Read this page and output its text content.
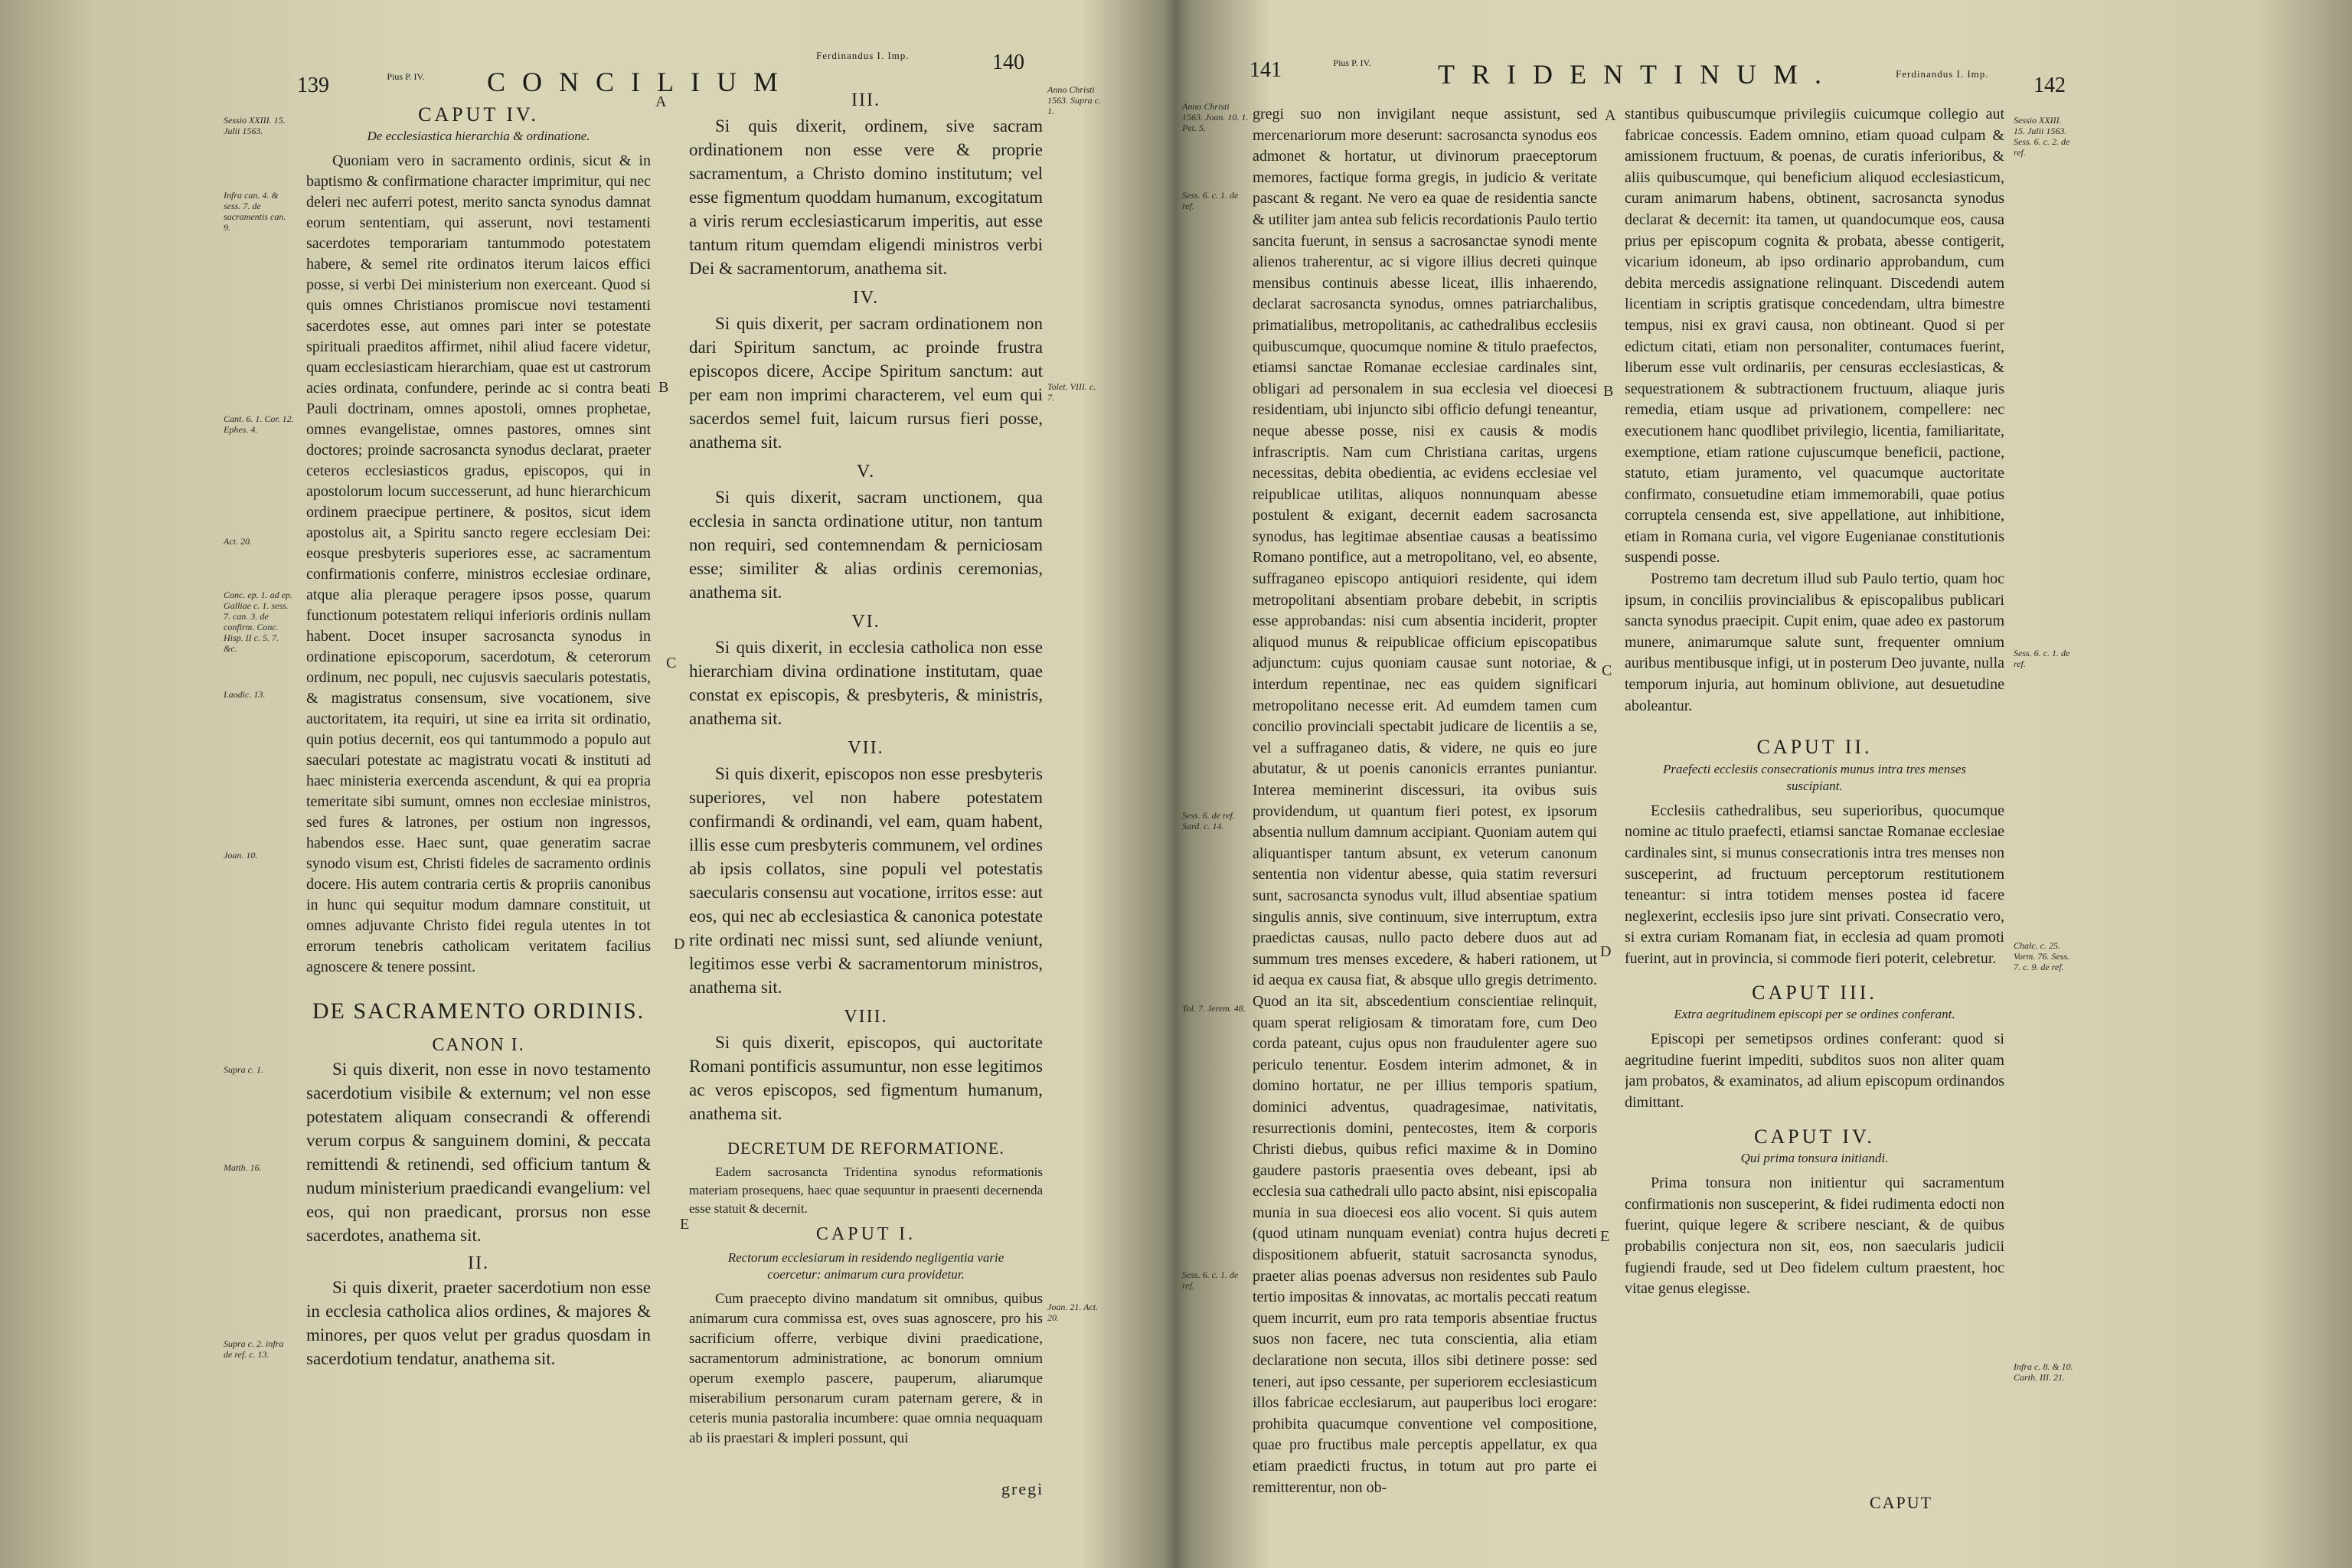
139	Pius P. IV. CONCILIUM
Ferdinandus I. Imp.	140
Sessio XXIII. 15. Julii 1563.
Infra can. 4. & sess. 7. de sacramentis can. 9.
Cant. 6. 1. Cor. 12. Ephes. 4.
Act. 20.
Conc. ep. 1. ad ep. Galliae c. 1. sess. 7. can. 3. de confirm. Conc. Hisp. II c. 5. 7. &c.
Laodic. 13.
Joan. 10.
Supra c. 1.
Matth. 16.
Supra c. 2. infra de ref. c. 13.
Anno Christi 1563. Supra c. 1.
Tolet. VIII. c. 7.
Joan. 21. Act. 20.
A
B
C
D
E
CAPUT IV.
De ecclesiastica hierarchia & ordinatione.

Quoniam vero in sacramento ordinis, sicut & in baptismo & confirmatione character imprimitur, qui nec deleri nec auferri potest, merito sancta synodus damnat eorum sententiam, qui asserunt, novi testamenti sacerdotes temporariam tantummodo potestatem habere, & semel rite ordinatos iterum laicos effici posse, si verbi Dei ministerium non exerceant. Quod si quis omnes Christianos promiscue novi testamenti sacerdotes esse, aut omnes pari inter se potestate spirituali praeditos affirmet, nihil aliud facere videtur, quam ecclesiasticam hierarchiam, quae est ut castrorum acies ordinata, confundere, perinde ac si contra beati Pauli doctrinam, omnes apostoli, omnes prophetae, omnes evangelistae, omnes pastores, omnes sint doctores; proinde sacrosancta synodus declarat, praeter ceteros ecclesiasticos gradus, episcopos, qui in apostolorum locum successerunt, ad hunc hierarchicum ordinem praecipue pertinere, & positos, sicut idem apostolus ait, a Spiritu sancto regere ecclesiam Dei: eosque presbyteris superiores esse, ac sacramentum confirmationis conferre, ministros ecclesiae ordinare, atque alia pleraque peragere ipsos posse, quarum functionum potestatem reliqui inferioris ordinis nullam habent. Docet insuper sacrosancta synodus in ordinatione episcoporum, sacerdotum, & ceterorum ordinum, nec populi, nec cujusvis saecularis potestatis, & magistratus consensum, sive vocationem, sive auctoritatem, ita requiri, ut sine ea irrita sit ordinatio, quin potius decernit, eos qui tantummodo a populo aut saeculari potestate ac magistratu vocati & instituti ad haec ministeria exercenda ascendunt, & qui ea propria temeritate sibi sumunt, omnes non ecclesiae ministros, sed fures & latrones, per ostium non ingressos, habendos esse. Haec sunt, quae generatim sacrae synodo visum est, Christi fideles de sacramento ordinis docere. His autem contraria certis & propriis canonibus in hunc qui sequitur modum damnare constituit, ut omnes adjuvante Christo fidei regula utentes in tot errorum tenebris catholicam veritatem facilius agnoscere & tenere possint.

DE SACRAMENTO ORDINIS.
CANON I.

Si quis dixerit, non esse in novo testamento sacerdotium visibile & externum; vel non esse potestatem aliquam consecrandi & offerendi verum corpus & sanguinem domini, & peccata remittendi & retinendi, sed officium tantum & nudum ministerium praedicandi evangelium: vel eos, qui non praedicant, prorsus non esse sacerdotes, anathema sit.

II.

Si quis dixerit, praeter sacerdotium non esse in ecclesia catholica alios ordines, & majores & minores, per quos velut per gradus quosdam in sacerdotium tendatur, anathema sit.

III.

Si quis dixerit, ordinem, sive sacram ordinationem non esse vere & proprie sacramentum, a Christo domino institutum; vel esse figmentum quoddam humanum, excogitatum a viris rerum ecclesiasticarum imperitis, aut esse tantum ritum quemdam eligendi ministros verbi Dei & sacramentorum, anathema sit.

IV.

Si quis dixerit, per sacram ordinationem non dari Spiritum sanctum, ac proinde frustra episcopos dicere, Accipe Spiritum sanctum: aut per eam non imprimi characterem, vel eum qui sacerdos semel fuit, laicum rursus fieri posse, anathema sit.

V.

Si quis dixerit, sacram unctionem, qua ecclesia in sancta ordinatione utitur, non tantum non requiri, sed contemnendam & perniciosam esse; similiter & alias ordinis ceremonias, anathema sit.

VI.

Si quis dixerit, in ecclesia catholica non esse hierarchiam divina ordinatione institutam, quae constat ex episcopis, & presbyteris, & ministris, anathema sit.

VII.

Si quis dixerit, episcopos non esse presbyteris superiores, vel non habere potestatem confirmandi & ordinandi, vel eam, quam habent, illis esse cum presbyteris communem, vel ordines ab ipsis collatos, sine populi vel potestatis saecularis consensu aut vocatione, irritos esse: aut eos, qui nec ab ecclesiastica & canonica potestate rite ordinati nec missi sunt, sed aliunde veniunt, legitimos esse verbi & sacramentorum ministros, anathema sit.

VIII.

Si quis dixerit, episcopos, qui auctoritate Romani pontificis assumuntur, non esse legitimos ac veros episcopos, sed figmentum humanum, anathema sit.

DECRETUM DE REFORMATIONE.

Eadem sacrosancta Tridentina synodus reformationis materiam prosequens, haec quae sequuntur in praesenti decernenda esse statuit & decernit.

CAPUT I.
Rectorum ecclesiarum in residendo negligentia varie coercetur: animarum cura providetur.

Cum praecepto divino mandatum sit omnibus, quibus animarum cura commissa est, oves suas agnoscere, pro his sacrificium offerre, verbique divini praedicatione, sacramentorum administratione, ac bonorum omnium operum exemplo pascere, pauperum, aliarumque miserabilium personarum curam paternam gerere, & in ceteris munia pastoralia incumbere: quae omnia nequaquam ab iis praestari & impleri possunt, qui

gregi
141	Pius P. IV. TRIDENTINUM.	Ferdinandus I. Imp. 142
Anno Christi 1563. Joan. 10. 1. Pet. 5.
Sess. 6. c. 1. de ref.
Sess. 6. de ref. Sard. c. 14.
Tol. 7. Jerem. 48.
Sess. 6. c. 1. de ref.
Sessio XXIII. 15. Julii 1563. Sess. 6. c. 2. de ref.
Sess. 6. c. 1. de ref.
Chalc. c. 25. Vorm. 76. Sess. 7. c. 9. de ref.
Infra c. 8. & 10. Carth. III. 21.
A
B
C
D
E

gregi suo non invigilant neque assistunt, sed mercenariorum more deserunt: sacrosancta synodus eos admonet & hortatur, ut divinorum praeceptorum memores, factique forma gregis, in judicio & veritate pascant & regant. Ne vero ea quae de residentia sancte & utiliter jam antea sub felicis recordationis Paulo tertio sancita fuerunt, in sensus a sacrosanctae synodi mente alienos traherentur, ac si vigore illius decreti quinque mensibus continuis abesse liceat, illis inhaerendo, declarat sacrosancta synodus, omnes patriarchalibus, primatialibus, metropolitanis, ac cathedralibus ecclesiis quibuscumque, quocumque nomine & titulo praefectos, etiamsi sanctae Romanae ecclesiae cardinales sint, obligari ad personalem in sua ecclesia vel dioecesi residentiam, ubi injuncto sibi officio defungi teneantur, neque abesse posse, nisi ex causis & modis infrascriptis. Nam cum Christiana caritas, urgens necessitas, debita obedientia, ac evidens ecclesiae vel reipublicae utilitas, aliquos nonnunquam abesse postulent & exigant, decernit eadem sacrosancta synodus, has legitimae absentiae causas a beatissimo Romano pontifice, aut a metropolitano, vel, eo absente, suffraganeo episcopo antiquiori residente, qui idem metropolitani absentiam probare debebit, in scriptis esse approbandas: nisi cum absentia inciderit, propter aliquod munus & reipublicae officium episcopatibus adjunctum: cujus quoniam causae sunt notoriae, & interdum repentinae, nec eas quidem significari metropolitano necesse erit. Ad eumdem tamen cum concilio provinciali spectabit judicare de licentiis a se, vel a suffraganeo datis, & videre, ne quis eo jure abutatur, & ut poenis canonicis errantes puniantur. Interea meminerint discessuri, ita ovibus suis providendum, ut quantum fieri potest, ex ipsorum absentia nullum damnum accipiant. Quoniam autem qui aliquantisper tantum absunt, ex veterum canonum sententia non videntur abesse, quia statim reversuri sunt, sacrosancta synodus vult, illud absentiae spatium singulis annis, sive continuum, sive interruptum, extra praedictas causas, nullo pacto debere duos aut ad summum tres menses excedere, & haberi rationem, ut id aequa ex causa fiat, & absque ullo gregis detrimento. Quod an ita sit, abscedentium conscientiae relinquit, quam sperat religiosam & timoratam fore, cum Deo corda pateant, cujus opus non fraudulenter agere suo periculo tenentur. Eosdem interim admonet, & in domino hortatur, ne per illius temporis spatium, dominici adventus, quadragesimae, nativitatis, resurrectionis domini, pentecostes, item & corporis Christi diebus, quibus refici maxime & in Domino gaudere pastoris praesentia oves debeant, ipsi ab ecclesia sua cathedrali ullo pacto absint, nisi episcopalia munia in sua dioecesi eos alio vocent. Si quis autem (quod utinam nunquam eveniat) contra hujus decreti dispositionem abfuerit, statuit sacrosancta synodus, praeter alias poenas adversus non residentes sub Paulo tertio impositas & innovatas, ac mortalis peccati reatum quem incurrit, eum pro rata temporis absentiae fructus suos non facere, nec tuta conscientia, alia etiam declaratione non secuta, illos sibi detinere posse: sed teneri, aut ipso cessante, per superiorem ecclesiasticum illos fabricae ecclesiarum, aut pauperibus loci erogare: prohibita quacumque conventione vel compositione, quae pro fructibus male perceptis appellatur, ex qua etiam praedicti fructus, in totum aut pro parte ei remitterentur, non ob-

stantibus quibuscumque privilegiis cuicumque collegio aut fabricae concessis. Eadem omnino, etiam quoad culpam & amissionem fructuum, & poenas, de curatis inferioribus, & aliis quibuscumque, qui beneficium aliquod ecclesiasticum, curam animarum habens, obtinent, sacrosancta synodus declarat & decernit: ita tamen, ut quandocumque eos, causa prius per episcopum cognita & probata, abesse contigerit, vicarium idoneum, ab ipso ordinario approbandum, cum debita mercedis assignatione relinquant. Discedendi autem licentiam in scriptis gratisque concedendam, ultra bimestre tempus, nisi ex gravi causa, non obtineant. Quod si per edictum citati, etiam non personaliter, contumaces fuerint, liberum esse vult ordinariis, per censuras ecclesiasticas, & sequestrationem & subtractionem fructuum, aliaque juris remedia, etiam usque ad privationem, compellere: nec executionem hanc quodlibet privilegio, licentia, familiaritate, exemptione, etiam ratione cujuscumque beneficii, pactione, statuto, etiam juramento, vel quacumque auctoritate confirmato, consuetudine etiam immemorabili, quae potius corruptela censenda est, sive appellatione, aut inhibitione, etiam in Romana curia, vel vigore Eugenianae constitutionis suspendi posse.

Postremo tam decretum illud sub Paulo tertio, quam hoc ipsum, in conciliis provincialibus & episcopalibus publicari sancta synodus praecipit. Cupit enim, quae adeo ex pastorum munere, animarumque salute sunt, frequenter omnium auribus mentibusque infigi, ut in posterum Deo juvante, nulla temporum injuria, aut hominum oblivione, aut desuetudine aboleantur.

CAPUT II.
Praefecti ecclesiis consecrationis munus intra tres menses suscipiant.

Ecclesiis cathedralibus, seu superioribus, quocumque nomine ac titulo praefecti, etiamsi sanctae Romanae ecclesiae cardinales sint, si munus consecrationis intra tres menses non susceperint, ad fructuum perceptorum restitutionem teneantur: si intra totidem menses postea id facere neglexerint, ecclesiis ipso jure sint privati. Consecratio vero, si extra curiam Romanam fiat, in ecclesia ad quam promoti fuerint, aut in provincia, si commode fieri poterit, celebretur.

CAPUT III.
Extra aegritudinem episcopi per se ordines conferant.

Episcopi per semetipsos ordines conferant: quod si aegritudine fuerint impediti, subditos suos non aliter quam jam probatos, & examinatos, ad alium episcopum ordinandos dimittant.

CAPUT IV.
Qui prima tonsura initiandi.

Prima tonsura non initientur qui sacramentum confirmationis non susceperint, & fidei rudimenta edocti non fuerint, quique legere & scribere nesciant, & de quibus probabilis conjectura non sit, eos, non saecularis judicii fugiendi fraude, sed ut Deo fidelem cultum praestent, hoc vitae genus elegisse.

CAPUT
